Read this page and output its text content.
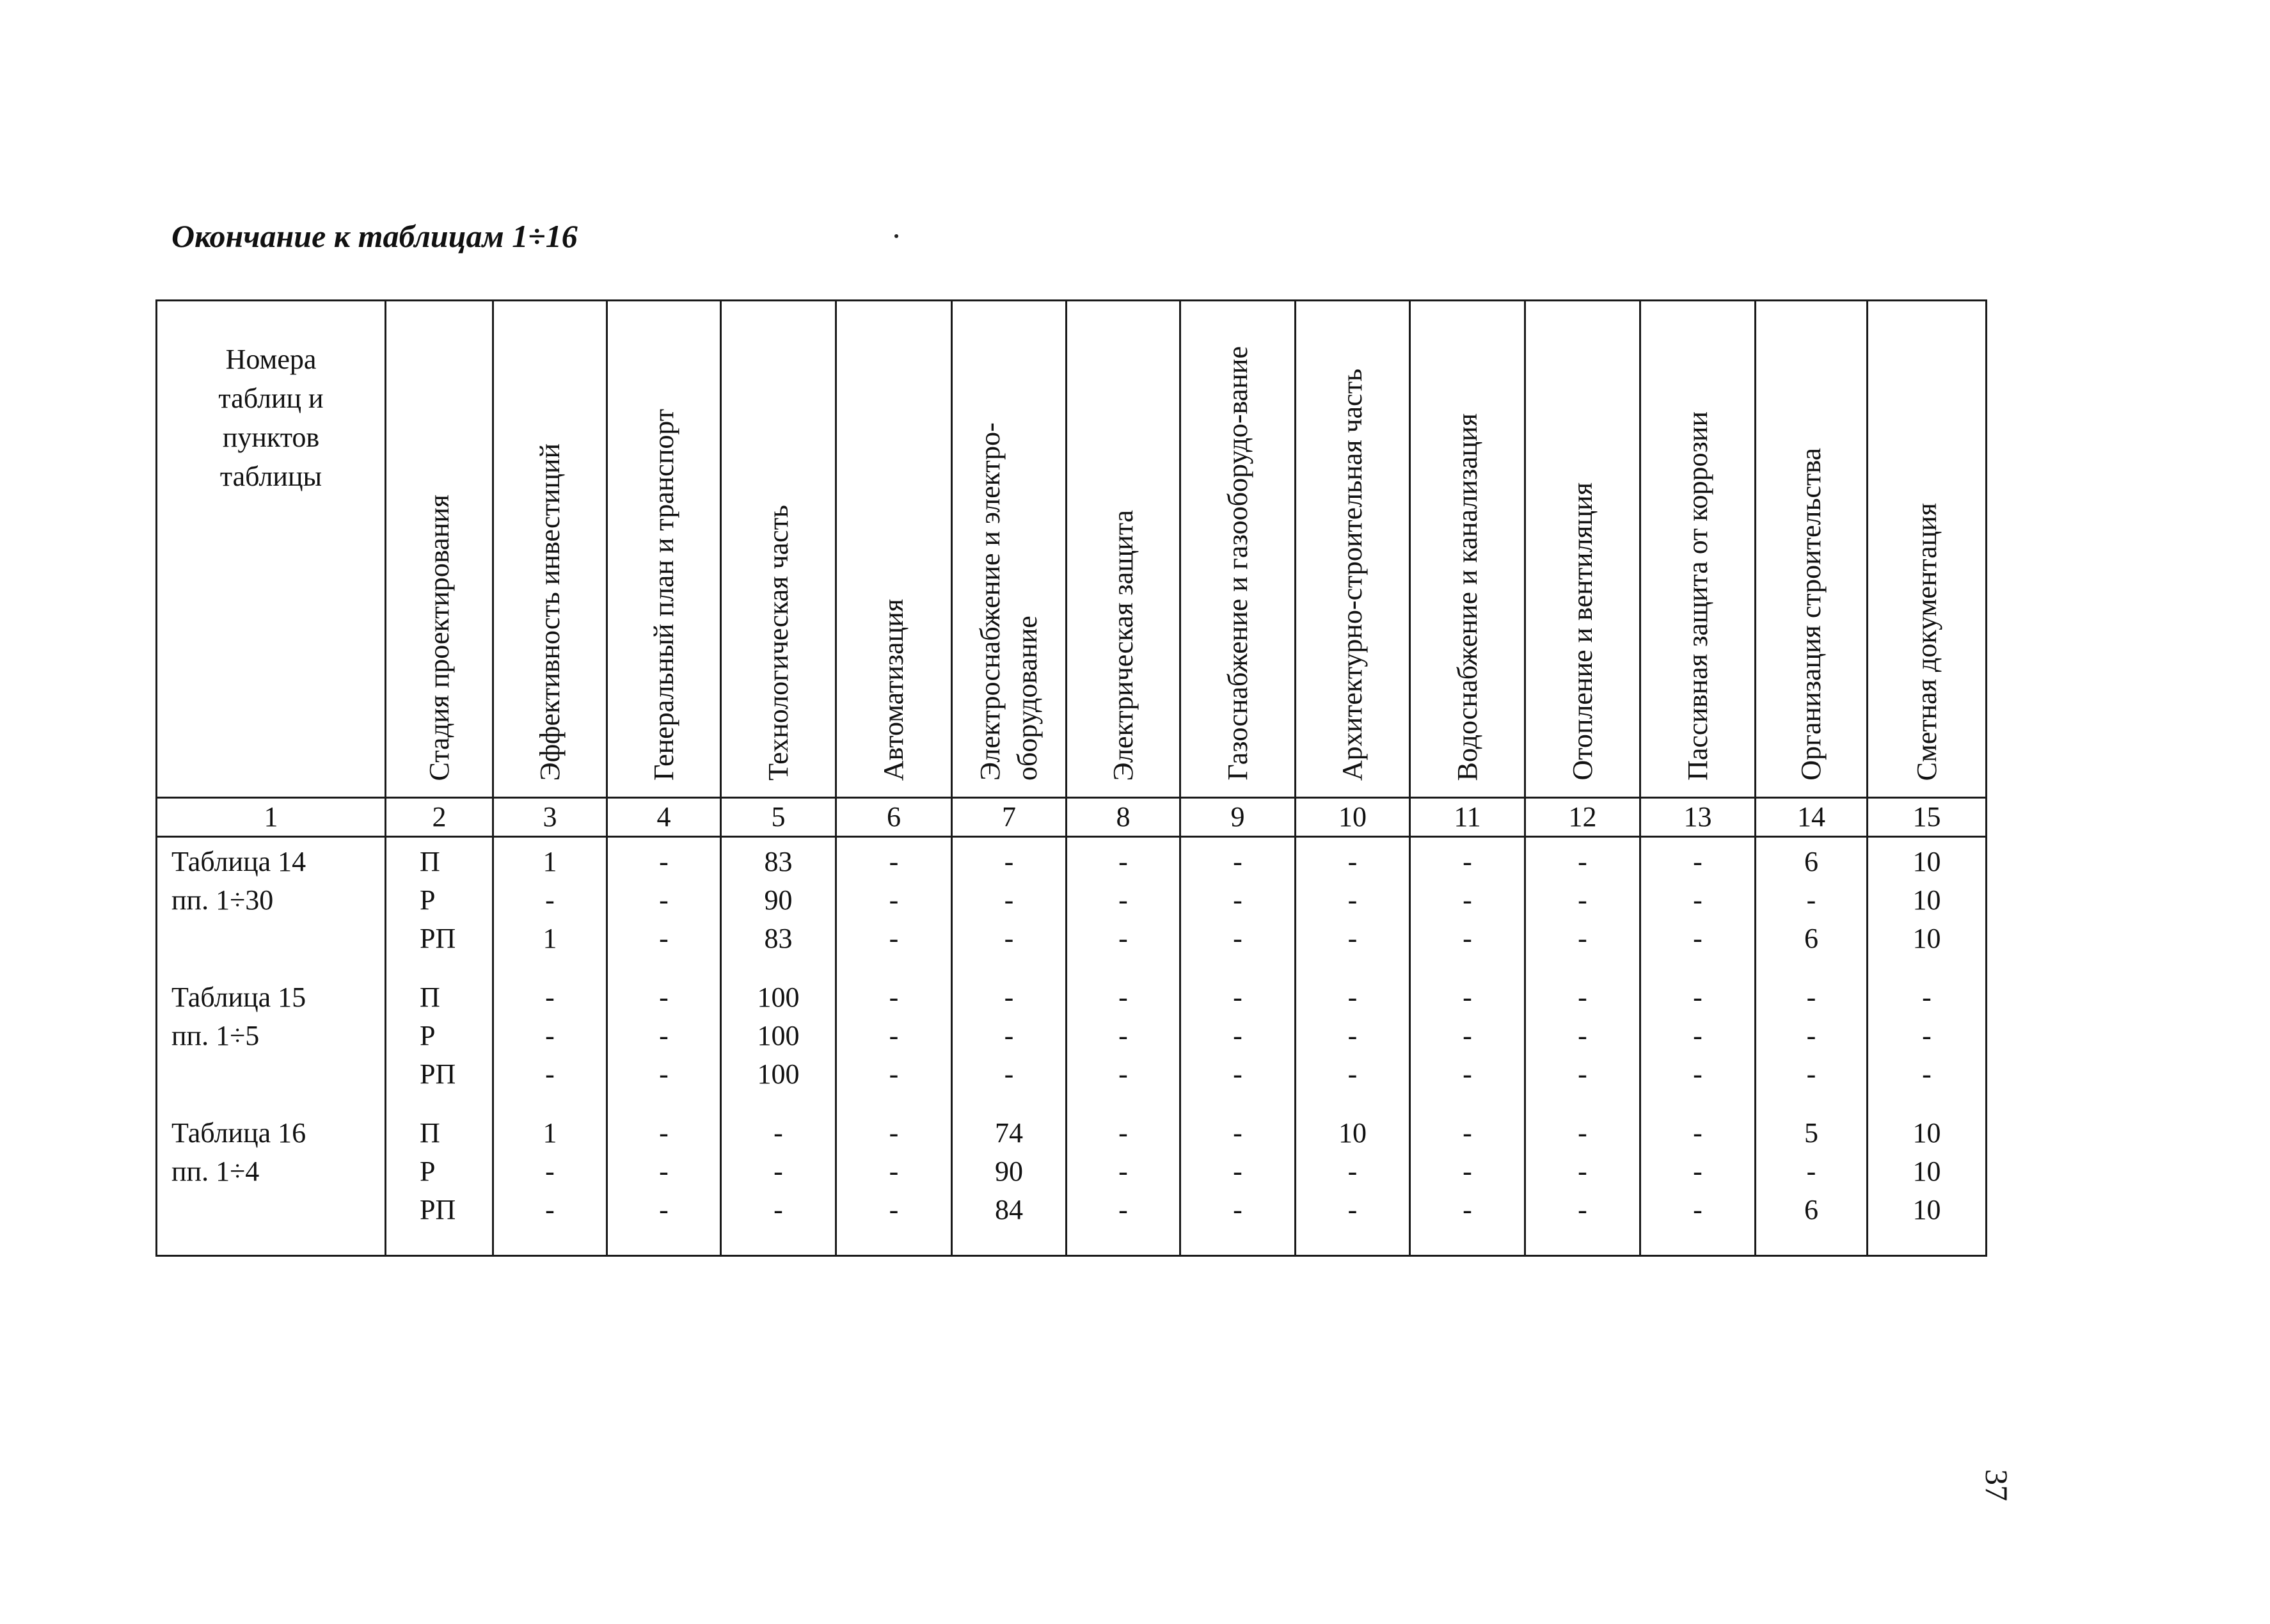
Окончание к таблицам 1÷16

Номера
таблиц и
пунктов
таблицы	Стадия проектирования	Эффективность инвестиций	Генеральный план и транспорт	Технологическая часть	Автоматизация	Электроснабжение и электро-оборудование	Электрическая защита	Газоснабжение и газооборудо-вание	Архитектурно-строительная часть	Водоснабжение и канализация	Отопление и вентиляция	Пассивная защита от коррозии	Организация строительства	Сметная документация
1	2	3	4	5	6	7	8	9	10	11	12	13	14	15
Таблица 14	П	1	-	83	-	-	-	-	-	-	-	-	6	10
пп. 1÷30	Р	-	-	90	-	-	-	-	-	-	-	-	-	10
	РП	1	-	83	-	-	-	-	-	-	-	-	6	10
Таблица 15	П	-	-	100	-	-	-	-	-	-	-	-	-	-
пп. 1÷5	Р	-	-	100	-	-	-	-	-	-	-	-	-	-
	РП	-	-	100	-	-	-	-	-	-	-	-	-	-
Таблица 16	П	1	-	-	-	74	-	-	10	-	-	-	5	10
пп. 1÷4	Р	-	-	-	-	90	-	-	-	-	-	-	-	10
	РП	-	-	-	-	84	-	-	-	-	-	-	6	10
37
